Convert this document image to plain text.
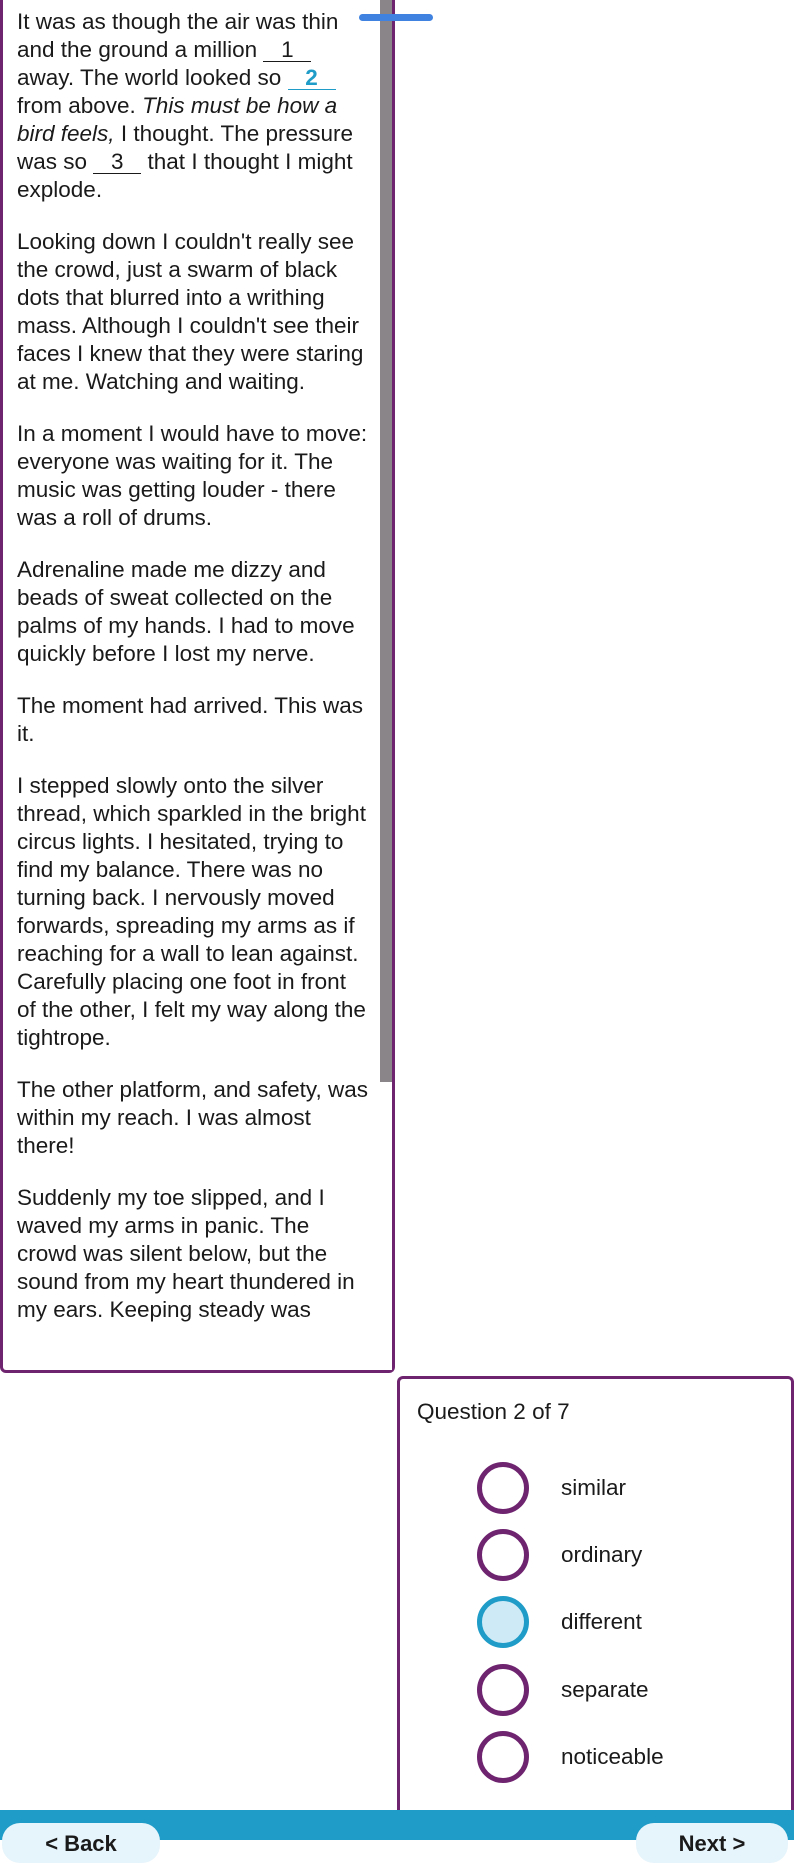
It was as though the air was thin and the ground a million 1 away. The world looked so 2 from above. This must be how a bird feels, I thought. The pressure was so 3 that I thought I might explode.

Looking down I couldn't really see the crowd, just a swarm of black dots that blurred into a writhing mass. Although I couldn't see their faces I knew that they were staring at me. Watching and waiting.

In a moment I would have to move: everyone was waiting for it. The music was getting louder - there was a roll of drums.

Adrenaline made me dizzy and beads of sweat collected on the palms of my hands. I had to move quickly before I lost my nerve.

The moment had arrived. This was it.

I stepped slowly onto the silver thread, which sparkled in the bright circus lights. I hesitated, trying to find my balance. There was no turning back. I nervously moved forwards, spreading my arms as if reaching for a wall to lean against. Carefully placing one foot in front of the other, I felt my way along the tightrope.

The other platform, and safety, was within my reach. I was almost there!

Suddenly my toe slipped, and I waved my arms in panic. The crowd was silent below, but the sound from my heart thundered in my ears. Keeping steady was

Question 2 of 7
similar
ordinary
different
separate
noticeable
< Back	Next >
